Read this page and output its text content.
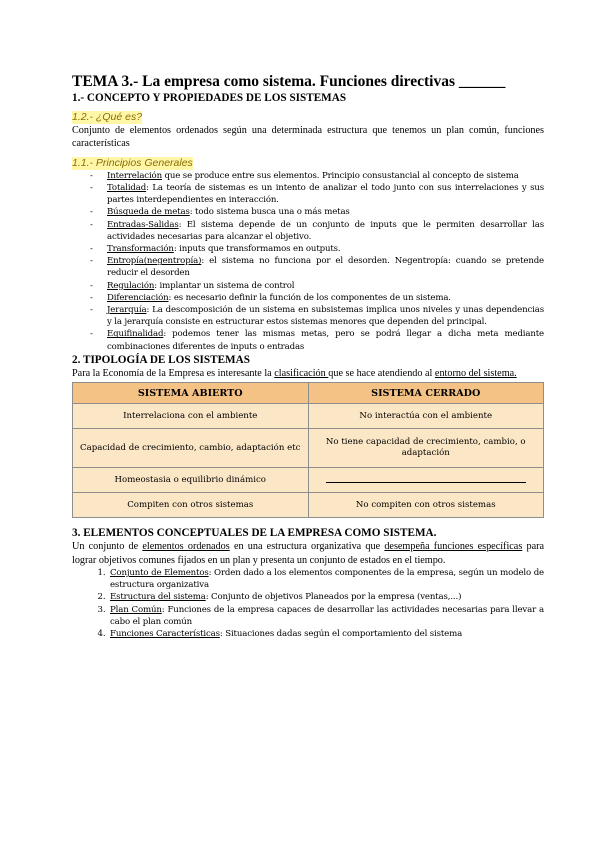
TEMA 3.- La empresa como sistema. Funciones directivas ______

1.- CONCEPTO Y PROPIEDADES DE LOS SISTEMAS

1.2.- ¿Qué es?

Conjunto de elementos ordenados según una determinada estructura que tenemos un plan común, funciones características

1.1.- Principios Generales
- Interrelación que se produce entre sus elementos. Principio consustancial al concepto de sistema
- Totalidad: La teoría de sistemas es un intento de analizar el todo junto con sus interrelaciones y sus partes interdependientes en interacción.
- Búsqueda de metas: todo sistema busca una o más metas
- Entradas-Salidas: El sistema depende de un conjunto de inputs que le permiten desarrollar las actividades necesarias para alcanzar el objetivo.
- Transformación: inputs que transformamos en outputs.
- Entropía(negentropía): el sistema no funciona por el desorden. Negentropía: cuando se pretende reducir el desorden
- Regulación: implantar un sistema de control
- Diferenciación: es necesario definir la función de los componentes de un sistema.
- Jerarquía: La descomposición de un sistema en subsistemas implica unos niveles y unas dependencias y la jerarquía consiste en estructurar estos sistemas menores que dependen del principal.
- Equifinalidad: podemos tener las mismas metas, pero se podrá llegar a dicha meta mediante combinaciones diferentes de inputs o entradas

2. TIPOLOGÍA DE LOS SISTEMAS

Para la Economía de la Empresa es interesante la clasificación que se hace atendiendo al entorno del sistema.

SISTEMA ABIERTO	SISTEMA CERRADO
Interrelaciona con el ambiente	No interactúa con el ambiente
Capacidad de crecimiento, cambio, adaptación etc	No tiene capacidad de crecimiento, cambio, o adaptación
Homeostasia o equilibrio dinámico	
Compiten con otros sistemas	No compiten con otros sistemas

3. ELEMENTOS CONCEPTUALES DE LA EMPRESA COMO SISTEMA.

Un conjunto de elementos ordenados en una estructura organizativa que desempeña funciones específicas para lograr objetivos comunes fijados en un plan y presenta un conjunto de estados en el tiempo.

1. Conjunto de Elementos: Orden dado a los elementos componentes de la empresa, según un modelo de estructura organizativa
2. Estructura del sistema: Conjunto de objetivos Planeados por la empresa (ventas,...)
3. Plan Común: Funciones de la empresa capaces de desarrollar las actividades necesarias para llevar a cabo el plan común
4. Funciones Características: Situaciones dadas según el comportamiento del sistema
